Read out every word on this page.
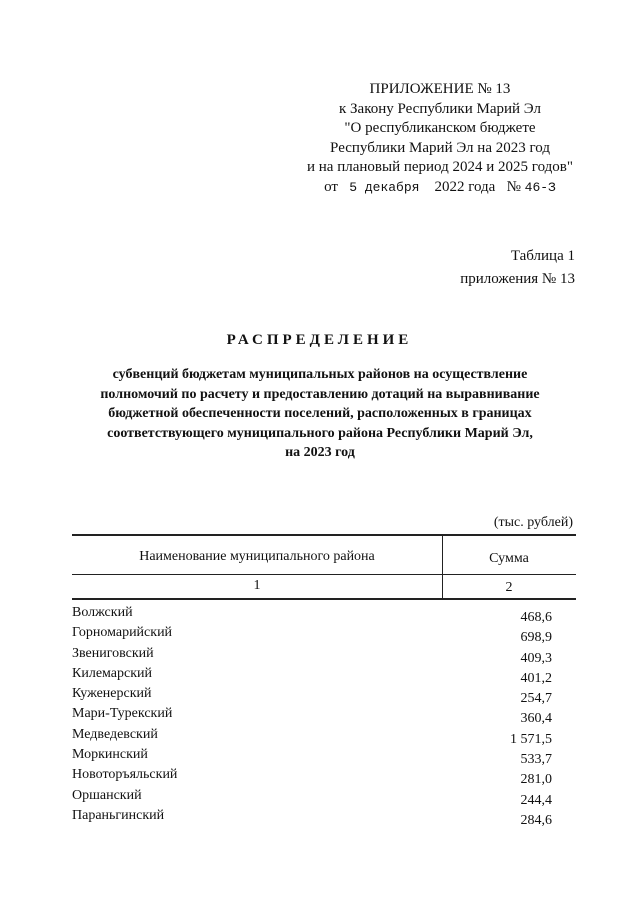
ПРИЛОЖЕНИЕ № 13
к Закону Республики Марий Эл
"О республиканском бюджете
Республики Марий Эл на 2023 год
и на плановый период 2024 и 2025 годов"
от 5 декабря 2022 года № 46-З
Таблица 1
приложения № 13
РАСПРЕДЕЛЕНИЕ
субвенций бюджетам муниципальных районов на осуществление
полномочий по расчету и предоставлению дотаций на выравнивание
бюджетной обеспеченности поселений, расположенных в границах
соответствующего муниципального района Республики Марий Эл,
на 2023 год
(тыс. рублей)
Наименование муниципального района	Сумма
1	2
Волжский	468,6
Горномарийский	698,9
Звениговский	409,3
Килемарский	401,2
Куженерский	254,7
Мари-Турекский	360,4
Медведевский	1 571,5
Моркинский	533,7
Новоторъяльский	281,0
Оршанский	244,4
Параньгинский	284,6
